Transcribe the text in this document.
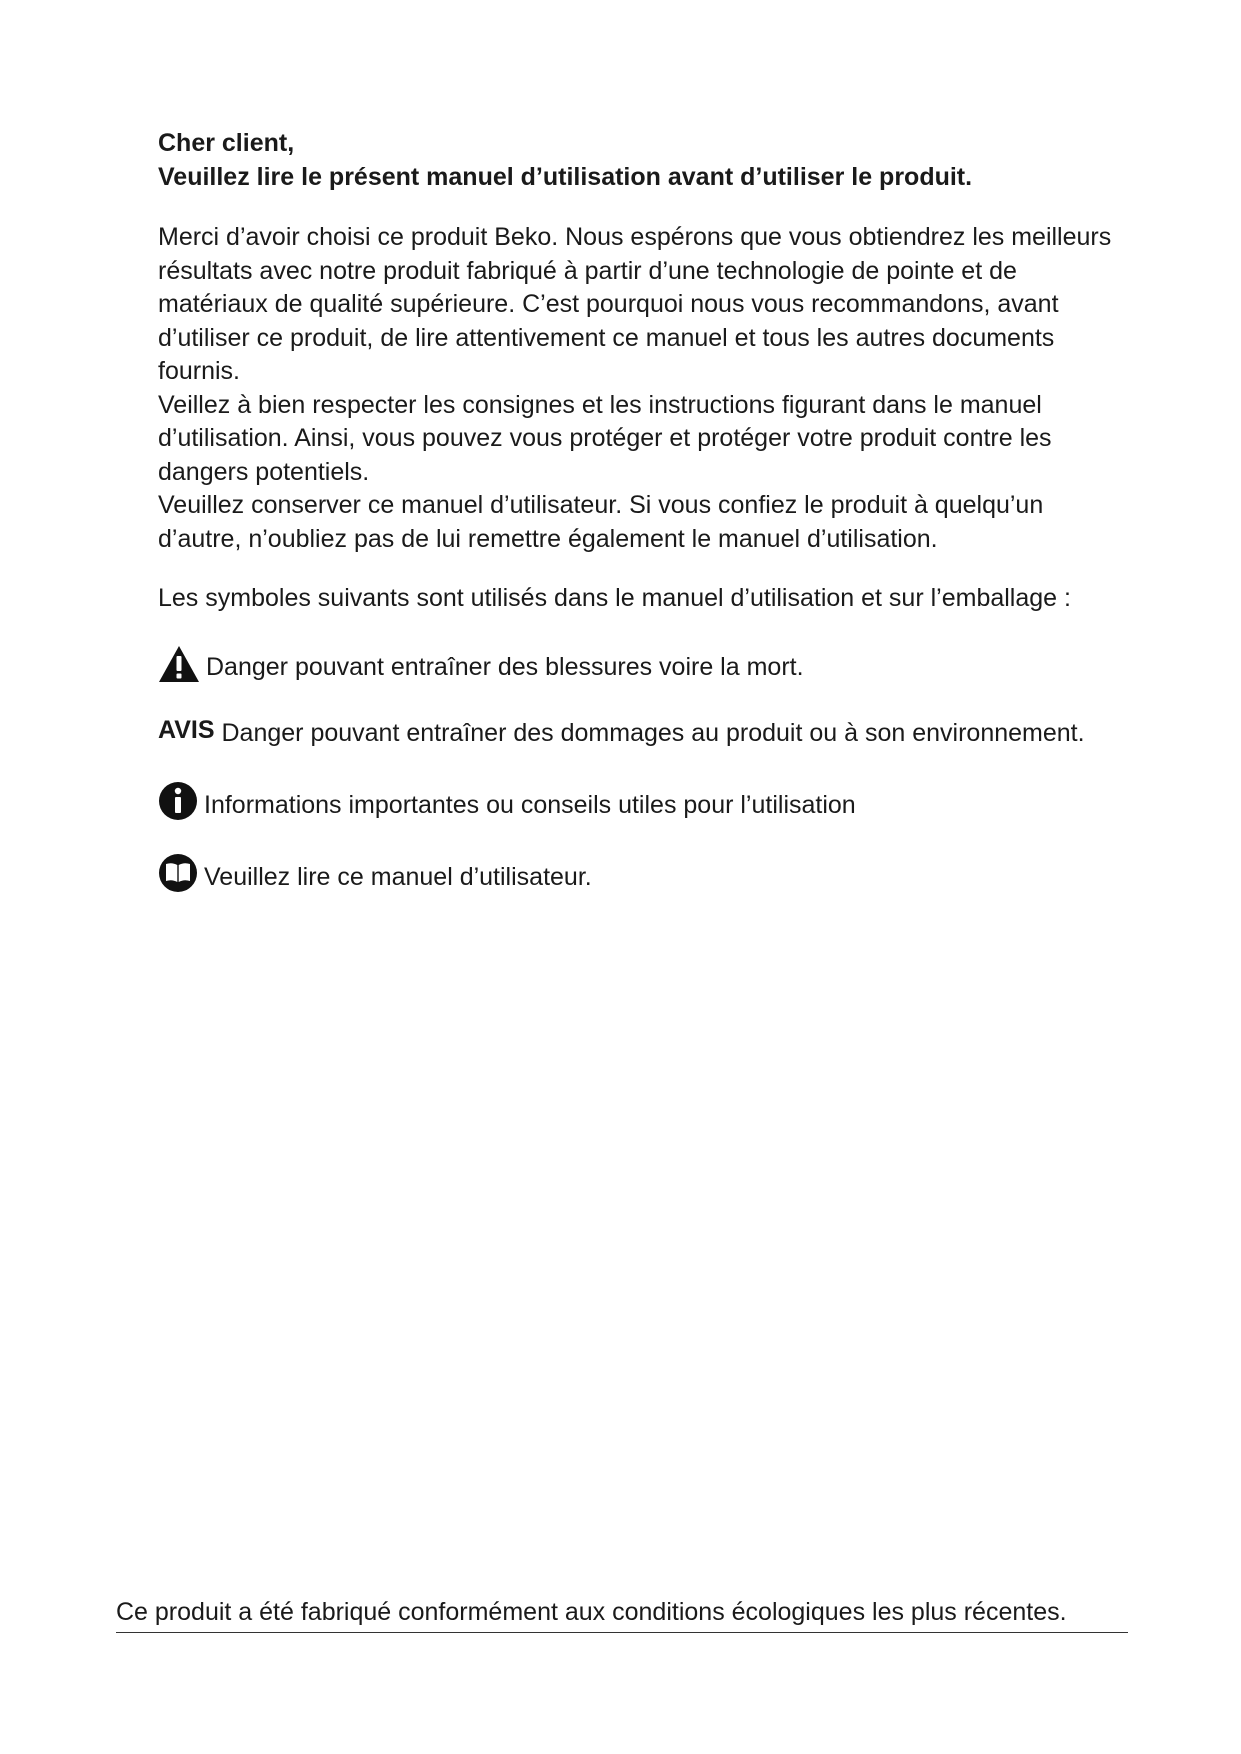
Cher client,

Veuillez lire le présent manuel d’utilisation avant d’utiliser le produit.

Merci d’avoir choisi ce produit Beko. Nous espérons que vous obtiendrez les meilleurs résultats avec notre produit fabriqué à partir d’une technologie de pointe et de matériaux de qualité supérieure. C’est pourquoi nous vous recommandons, avant d’utiliser ce produit, de lire attentivement ce manuel et tous les autres documents fournis.

Veillez à bien respecter les consignes et les instructions figurant dans le manuel d’utilisation. Ainsi, vous pouvez vous protéger et protéger votre produit contre les dangers potentiels.

Veuillez conserver ce manuel d’utilisateur. Si vous confiez le produit à quelqu’un d’autre, n’oubliez pas de lui remettre également le manuel d’utilisation.

Les symboles suivants sont utilisés dans le manuel d’utilisation et sur l’emballage :

Danger pouvant entraîner des blessures voire la mort.
AVIS Danger pouvant entraîner des dommages au produit ou à son environnement.
Informations importantes ou conseils utiles pour l’utilisation
Veuillez lire ce manuel d’utilisateur.

Ce produit a été fabriqué conformément aux conditions écologiques les plus récentes.
